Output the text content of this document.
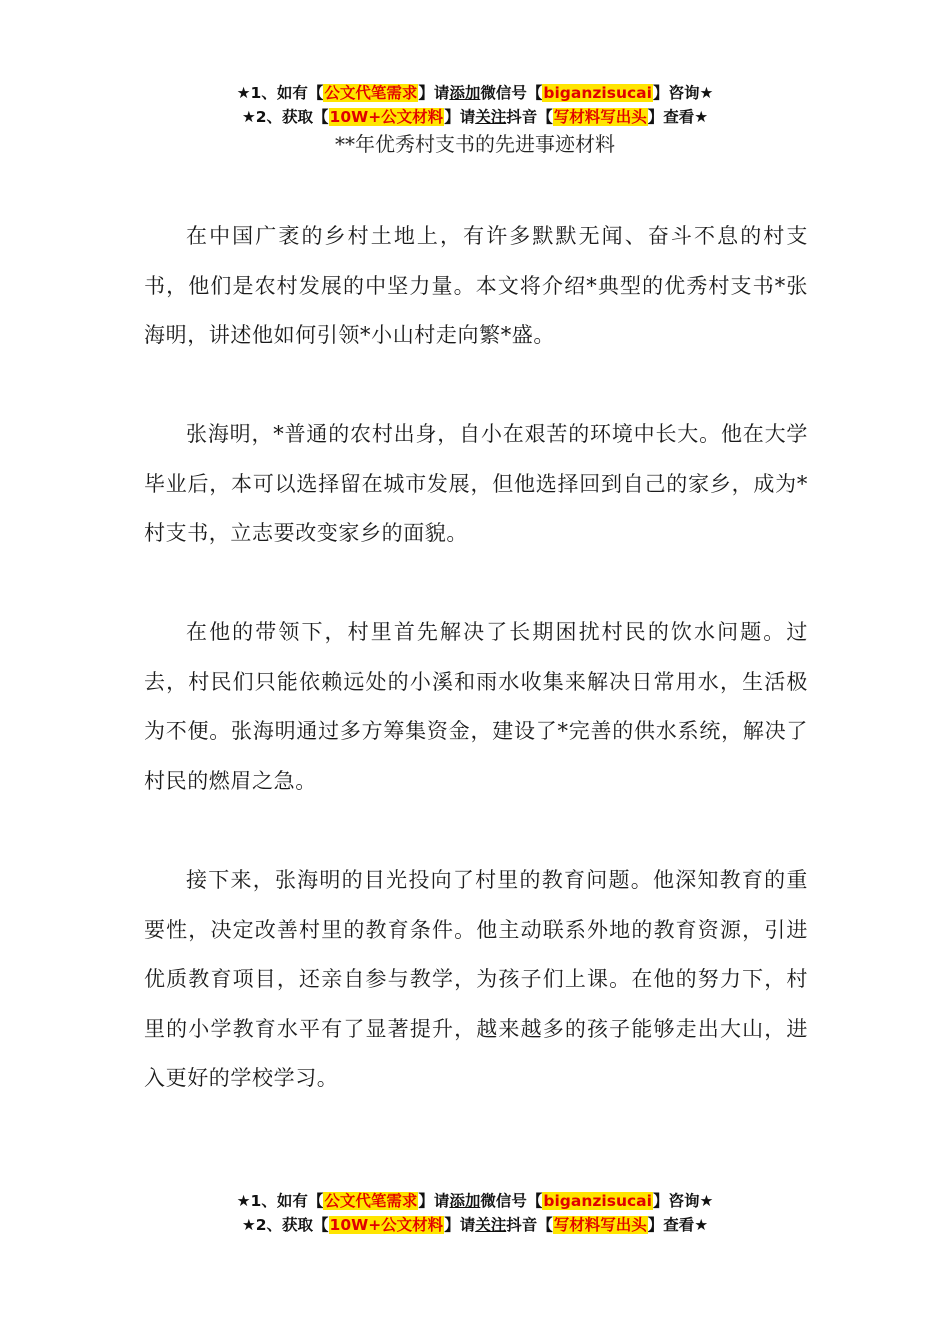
★1、如有【公文代笔需求】请添加微信号【biganzisucai】咨询★
★2、获取【10W+公文材料】请关注抖音【写材料写出头】查看★
**年优秀村支书的先进事迹材料

在中国广袤的乡村土地上，有许多默默无闻、奋斗不息的村支书，他们是农村发展的中坚力量。本文将介绍*典型的优秀村支书*张海明，讲述他如何引领*小山村走向繁*盛。

张海明，*普通的农村出身，自小在艰苦的环境中长大。他在大学毕业后，本可以选择留在城市发展，但他选择回到自己的家乡，成为*村支书，立志要改变家乡的面貌。

在他的带领下，村里首先解决了长期困扰村民的饮水问题。过去，村民们只能依赖远处的小溪和雨水收集来解决日常用水，生活极为不便。张海明通过多方筹集资金，建设了*完善的供水系统，解决了村民的燃眉之急。

接下来，张海明的目光投向了村里的教育问题。他深知教育的重要性，决定改善村里的教育条件。他主动联系外地的教育资源，引进优质教育项目，还亲自参与教学，为孩子们上课。在他的努力下，村里的小学教育水平有了显著提升，越来越多的孩子能够走出大山，进入更好的学校学习。

★1、如有【公文代笔需求】请添加微信号【biganzisucai】咨询★
★2、获取【10W+公文材料】请关注抖音【写材料写出头】查看★
